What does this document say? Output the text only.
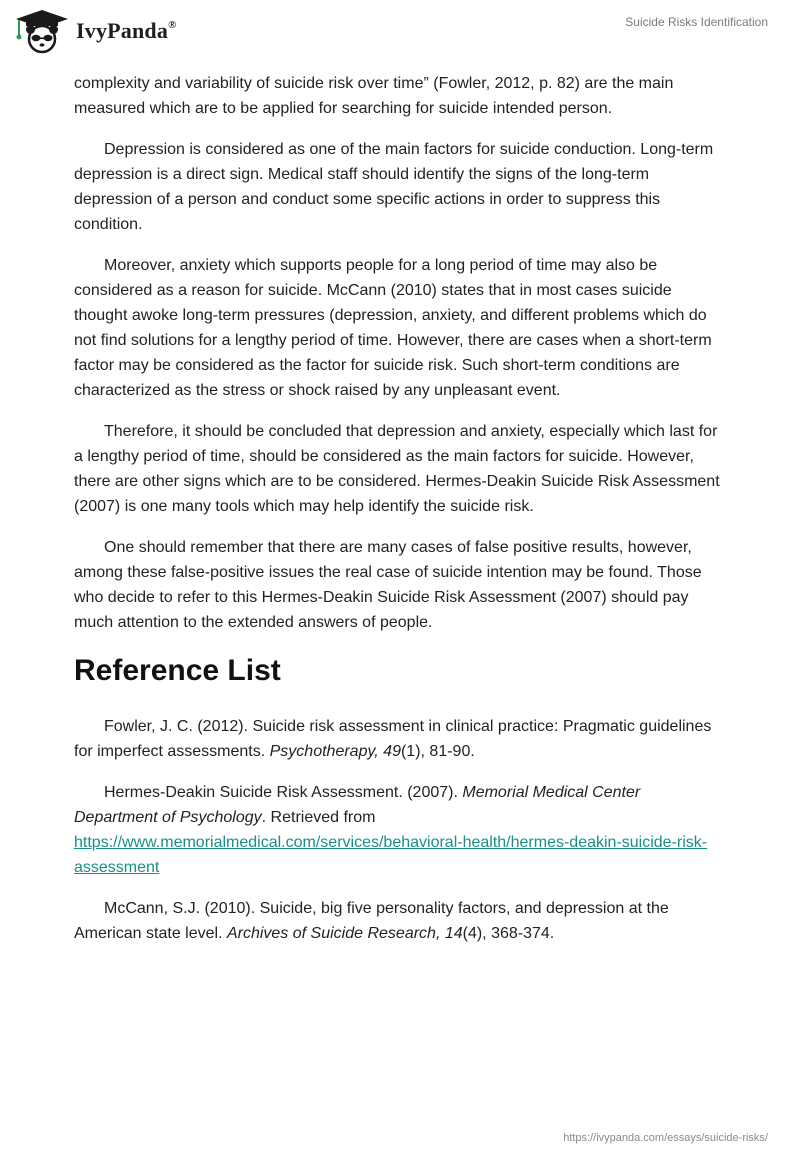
IvyPanda®	Suicide Risks Identification

complexity and variability of suicide risk over time” (Fowler, 2012, p. 82) are the main measured which are to be applied for searching for suicide intended person.

Depression is considered as one of the main factors for suicide conduction. Long-term depression is a direct sign. Medical staff should identify the signs of the long-term depression of a person and conduct some specific actions in order to suppress this condition.

Moreover, anxiety which supports people for a long period of time may also be considered as a reason for suicide. McCann (2010) states that in most cases suicide thought awoke long-term pressures (depression, anxiety, and different problems which do not find solutions for a lengthy period of time. However, there are cases when a short-term factor may be considered as the factor for suicide risk. Such short-term conditions are characterized as the stress or shock raised by any unpleasant event.

Therefore, it should be concluded that depression and anxiety, especially which last for a lengthy period of time, should be considered as the main factors for suicide. However, there are other signs which are to be considered. Hermes-Deakin Suicide Risk Assessment (2007) is one many tools which may help identify the suicide risk.

One should remember that there are many cases of false positive results, however, among these false-positive issues the real case of suicide intention may be found. Those who decide to refer to this Hermes-Deakin Suicide Risk Assessment (2007) should pay much attention to the extended answers of people.

Reference List

Fowler, J. C. (2012). Suicide risk assessment in clinical practice: Pragmatic guidelines for imperfect assessments. Psychotherapy, 49(1), 81-90.

Hermes-Deakin Suicide Risk Assessment. (2007). Memorial Medical Center Department of Psychology. Retrieved from https://www.memorialmedical.com/services/behavioral-health/hermes-deakin-suicide-risk-assessment

McCann, S.J. (2010). Suicide, big five personality factors, and depression at the American state level. Archives of Suicide Research, 14(4), 368-374.

https://ivypanda.com/essays/suicide-risks/
